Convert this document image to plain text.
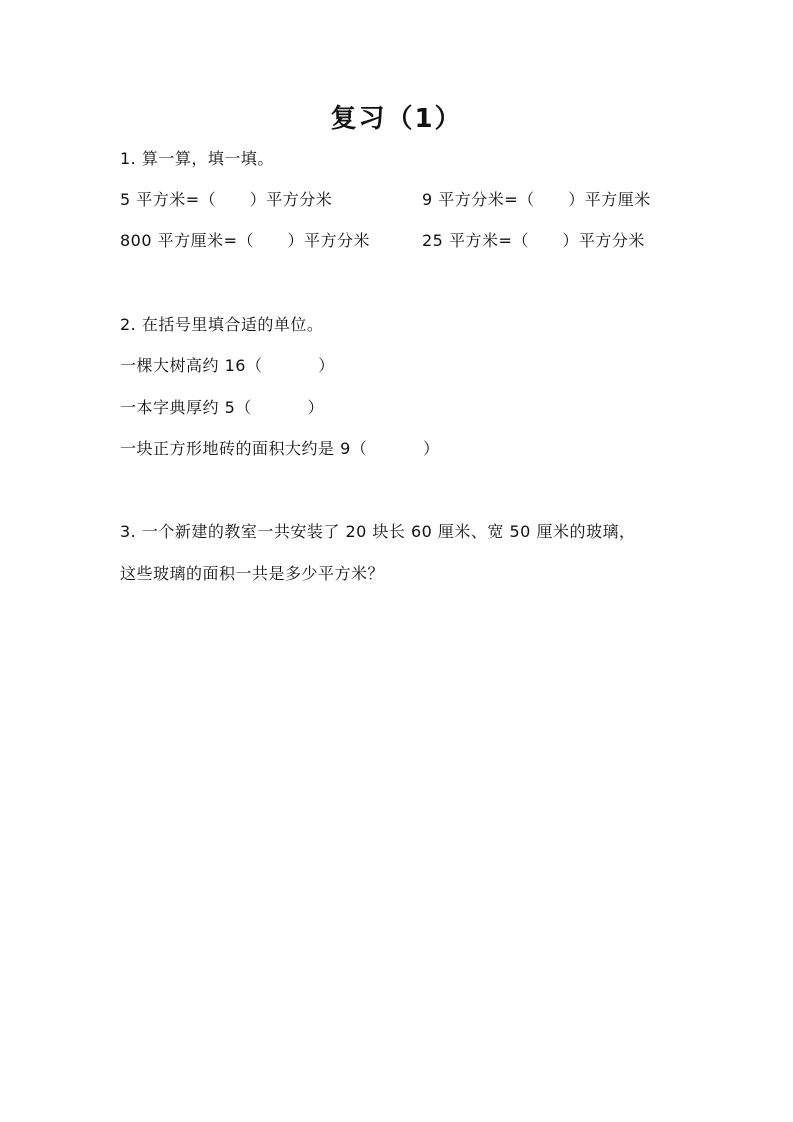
复习（1）
1. 算一算，填一填。
5 平方米=（      ）平方分米	9 平方分米=（      ）平方厘米
800 平方厘米=（      ）平方分米	25 平方米=（      ）平方分米
2. 在括号里填合适的单位。
一棵大树高约 16（          ）
一本字典厚约 5（          ）
一块正方形地砖的面积大约是 9（          ）
3. 一个新建的教室一共安装了 20 块长 60 厘米、宽 50 厘米的玻璃，
这些玻璃的面积一共是多少平方米？
